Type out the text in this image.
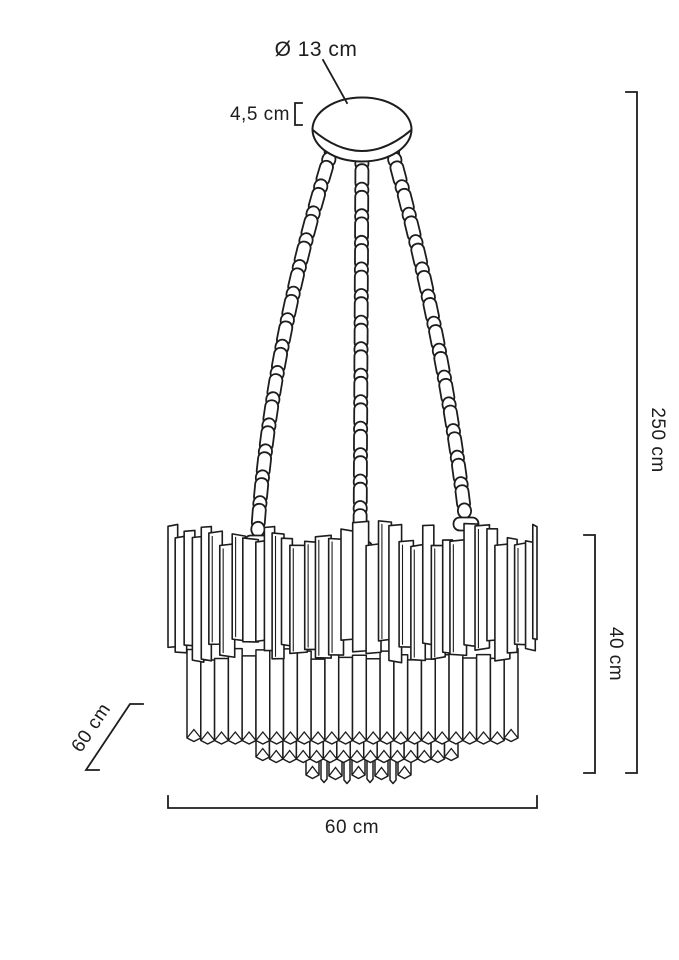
Ø 13 cm
4,5 cm
250 cm
40 cm
60 cm
60 cm
